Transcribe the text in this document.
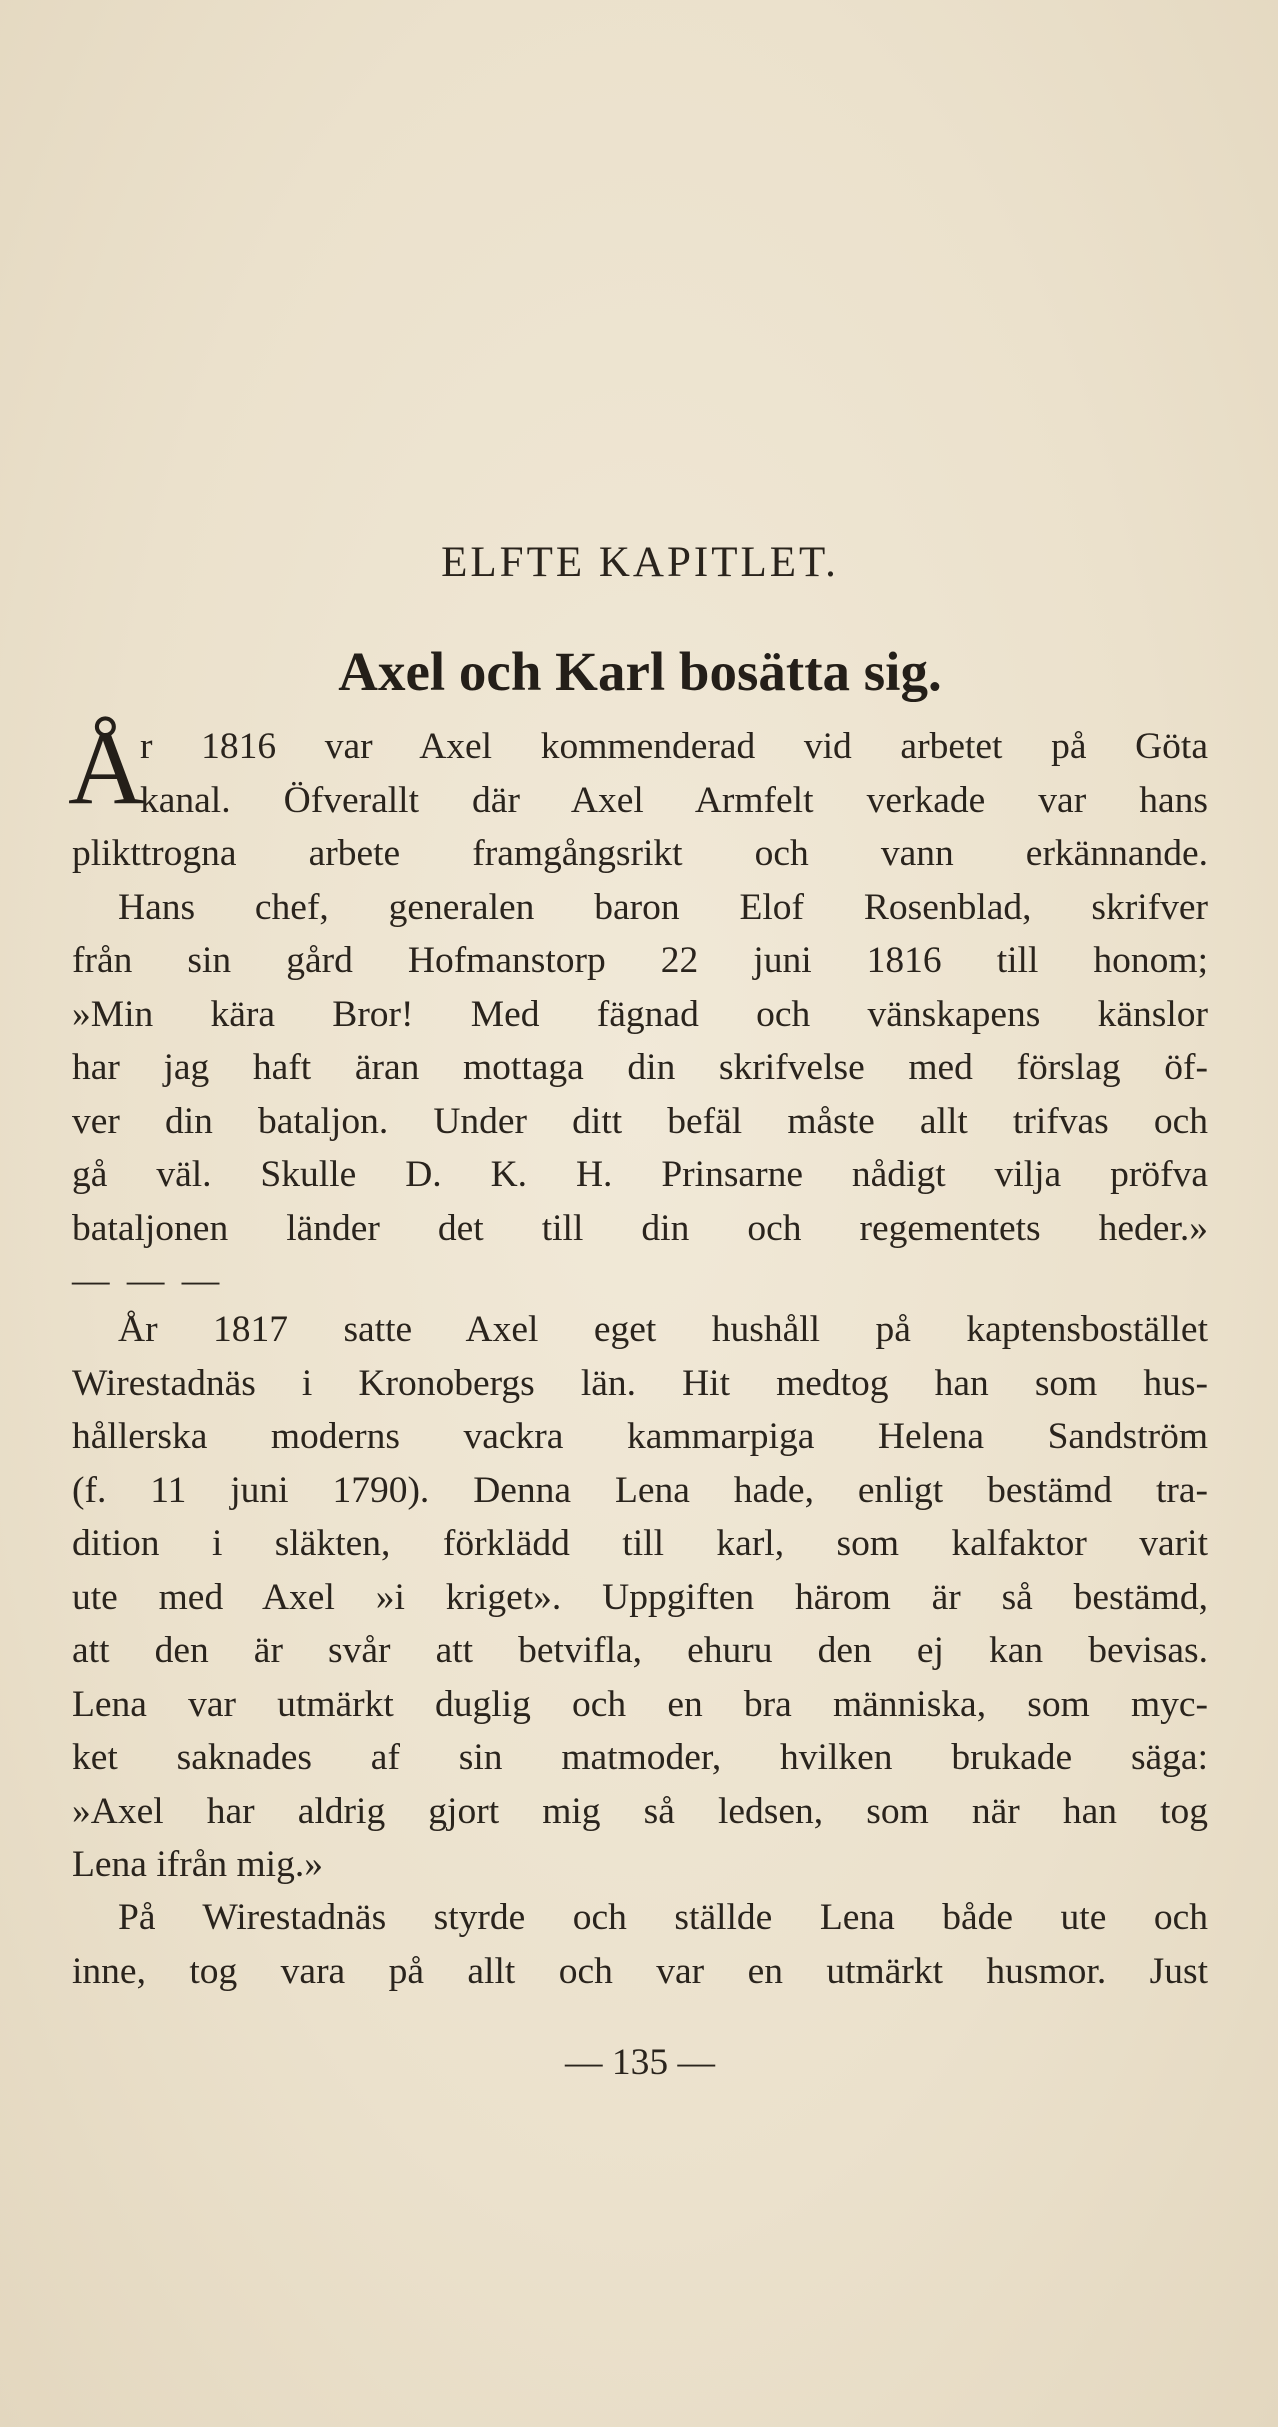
ELFTE KAPITLET.
Axel och Karl bosätta sig.
Å
r 1816 var Axel kommenderad vid arbetet på Göta
kanal. Öfverallt där Axel Armfelt verkade var hans
plikttrogna arbete framgångsrikt och vann erkännande.
Hans chef, generalen baron Elof Rosenblad, skrifver
från sin gård Hofmanstorp 22 juni 1816 till honom;
»Min kära Bror! Med fägnad och vänskapens känslor
har jag haft äran mottaga din skrifvelse med förslag öf‑
ver din bataljon. Under ditt befäl måste allt trifvas och
gå väl. Skulle D. K. H. Prinsarne nådigt vilja pröfva
bataljonen länder det till din och regementets heder.»
— — —
År 1817 satte Axel eget hushåll på kaptensbostället
Wirestadnäs i Kronobergs län. Hit medtog han som hus‑
hållerska moderns vackra kammarpiga Helena Sandström
(f. 11 juni 1790). Denna Lena hade, enligt bestämd tra‑
dition i släkten, förklädd till karl, som kalfaktor varit
ute med Axel »i kriget». Uppgiften härom är så bestämd,
att den är svår att betvifla, ehuru den ej kan bevisas.
Lena var utmärkt duglig och en bra människa, som myc‑
ket saknades af sin matmoder, hvilken brukade säga:
»Axel har aldrig gjort mig så ledsen, som när han tog
Lena ifrån mig.»
På Wirestadnäs styrde och ställde Lena både ute och
inne, tog vara på allt och var en utmärkt husmor. Just
— 135 —
